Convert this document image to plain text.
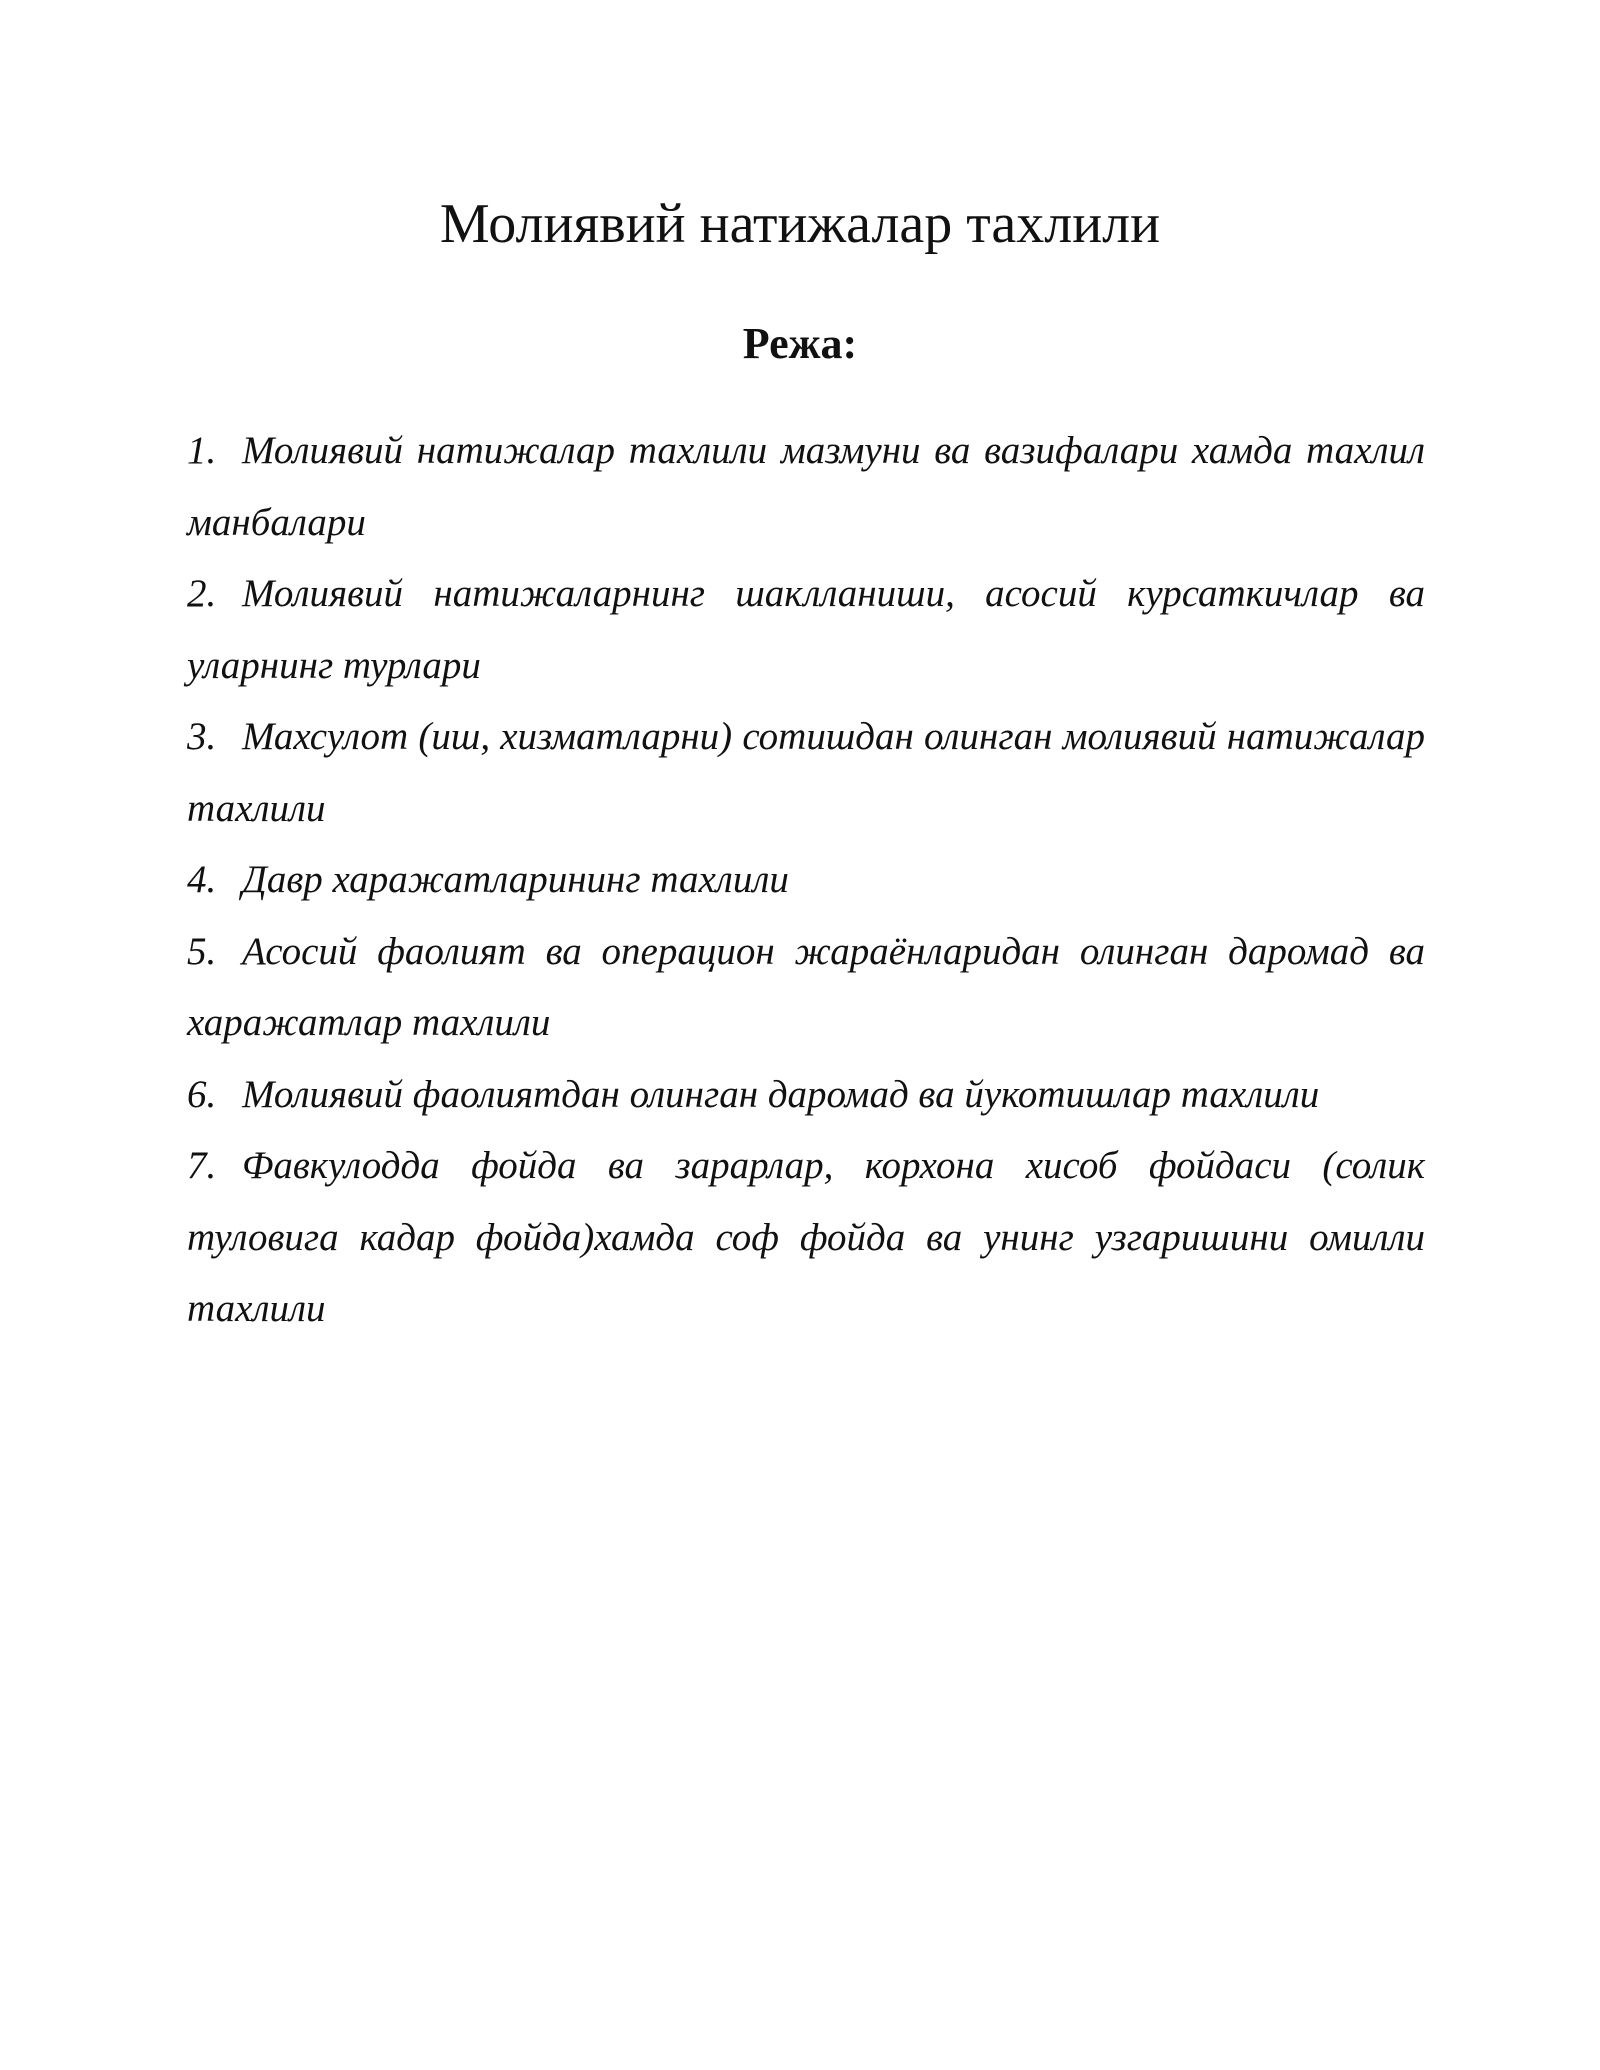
Молиявий натижалар тахлили
Режа:
1. Молиявий натижалар тахлили мазмуни ва вазифалари хамда тахлил манбалари
2. Молиявий натижаларнинг шаклланиши, асосий курсаткичлар ва уларнинг турлари
3. Махсулот (иш, хизматларни) сотишдан олинган молиявий натижалар тахлили
4. Давр харажатларининг тахлили
5. Асосий фаолият ва операцион жараёнларидан олинган даромад ва харажатлар тахлили
6. Молиявий фаолиятдан олинган даромад ва йукотишлар тахлили
7. Фавкулодда фойда ва зарарлар, корхона хисоб фойдаси (солик туловига кадар фойда)хамда соф фойда ва унинг узгаришини омилли тахлили
